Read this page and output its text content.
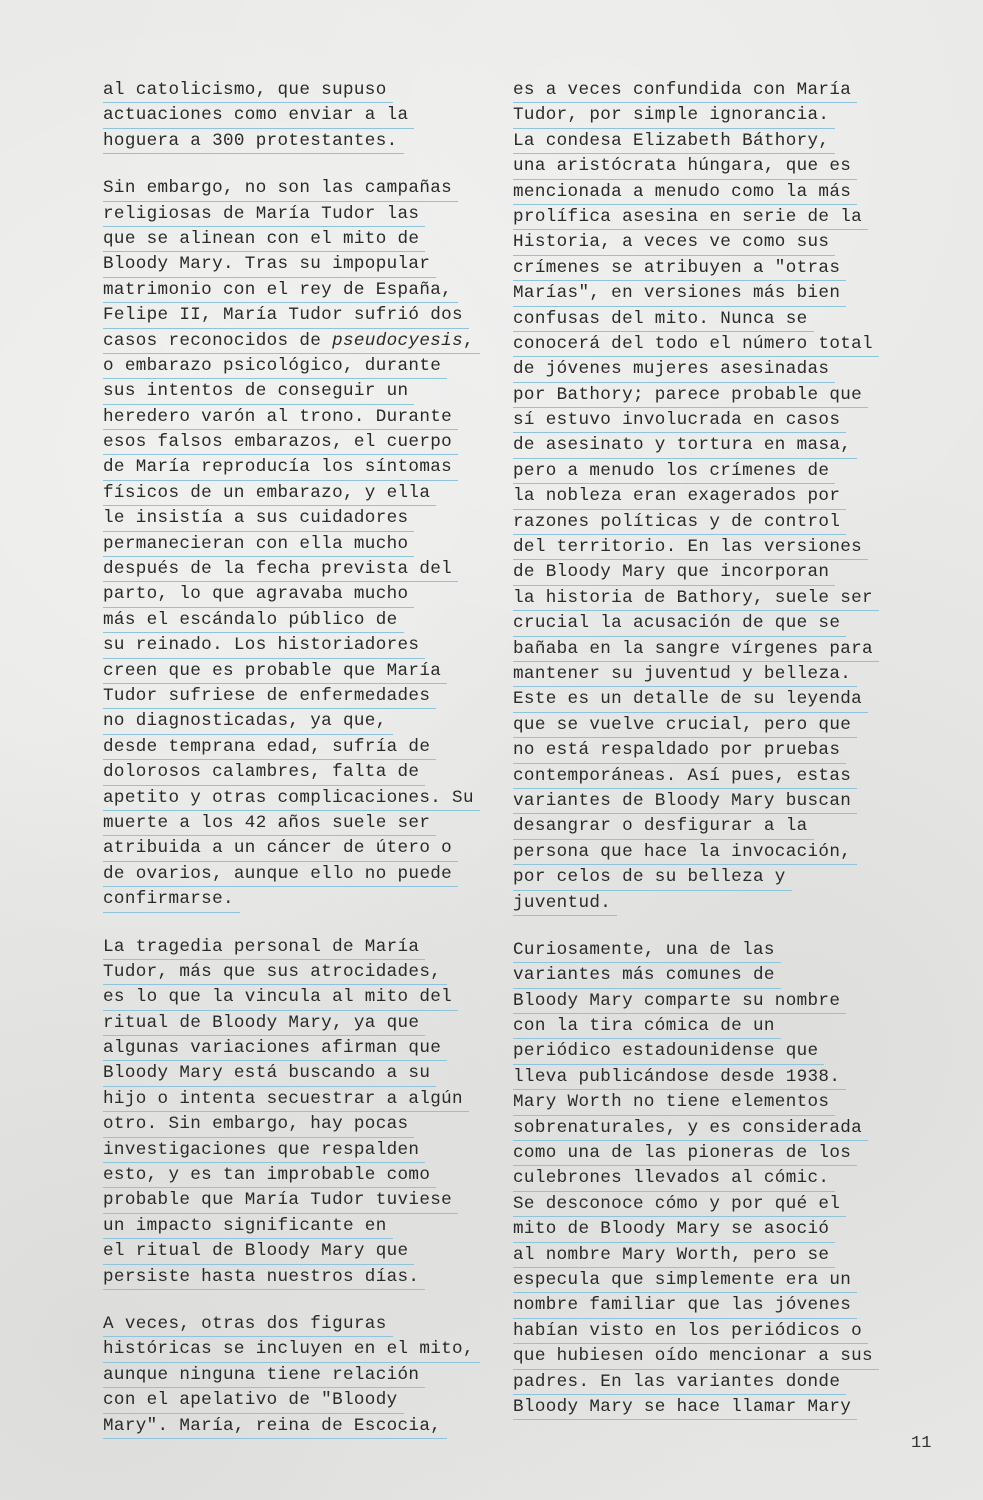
al catolicismo, que supuso
actuaciones como enviar a la
hoguera a 300 protestantes.
Sin embargo, no son las campañas
religiosas de María Tudor las
que se alinean con el mito de
Bloody Mary. Tras su impopular
matrimonio con el rey de España,
Felipe II, María Tudor sufrió dos
casos reconocidos de pseudocyesis,
o embarazo psicológico, durante
sus intentos de conseguir un
heredero varón al trono. Durante
esos falsos embarazos, el cuerpo
de María reproducía los síntomas
físicos de un embarazo, y ella
le insistía a sus cuidadores
permanecieran con ella mucho
después de la fecha prevista del
parto, lo que agravaba mucho
más el escándalo público de
su reinado. Los historiadores
creen que es probable que María
Tudor sufriese de enfermedades
no diagnosticadas, ya que,
desde temprana edad, sufría de
dolorosos calambres, falta de
apetito y otras complicaciones. Su
muerte a los 42 años suele ser
atribuida a un cáncer de útero o
de ovarios, aunque ello no puede
confirmarse.
La tragedia personal de María
Tudor, más que sus atrocidades,
es lo que la vincula al mito del
ritual de Bloody Mary, ya que
algunas variaciones afirman que
Bloody Mary está buscando a su
hijo o intenta secuestrar a algún
otro. Sin embargo, hay pocas
investigaciones que respalden
esto, y es tan improbable como
probable que María Tudor tuviese
un impacto significante en
el ritual de Bloody Mary que
persiste hasta nuestros días.
A veces, otras dos figuras
históricas se incluyen en el mito,
aunque ninguna tiene relación
con el apelativo de "Bloody
Mary". María, reina de Escocia,
es a veces confundida con María
Tudor, por simple ignorancia.
La condesa Elizabeth Báthory,
una aristócrata húngara, que es
mencionada a menudo como la más
prolífica asesina en serie de la
Historia, a veces ve como sus
crímenes se atribuyen a "otras
Marías", en versiones más bien
confusas del mito. Nunca se
conocerá del todo el número total
de jóvenes mujeres asesinadas
por Bathory; parece probable que
sí estuvo involucrada en casos
de asesinato y tortura en masa,
pero a menudo los crímenes de
la nobleza eran exagerados por
razones políticas y de control
del territorio. En las versiones
de Bloody Mary que incorporan
la historia de Bathory, suele ser
crucial la acusación de que se
bañaba en la sangre vírgenes para
mantener su juventud y belleza.
Este es un detalle de su leyenda
que se vuelve crucial, pero que
no está respaldado por pruebas
contemporáneas. Así pues, estas
variantes de Bloody Mary buscan
desangrar o desfigurar a la
persona que hace la invocación,
por celos de su belleza y
juventud.
Curiosamente, una de las
variantes más comunes de
Bloody Mary comparte su nombre
con la tira cómica de un
periódico estadounidense que
lleva publicándose desde 1938.
Mary Worth no tiene elementos
sobrenaturales, y es considerada
como una de las pioneras de los
culebrones llevados al cómic.
Se desconoce cómo y por qué el
mito de Bloody Mary se asoció
al nombre Mary Worth, pero se
especula que simplemente era un
nombre familiar que las jóvenes
habían visto en los periódicos o
que hubiesen oído mencionar a sus
padres. En las variantes donde
Bloody Mary se hace llamar Mary
11
